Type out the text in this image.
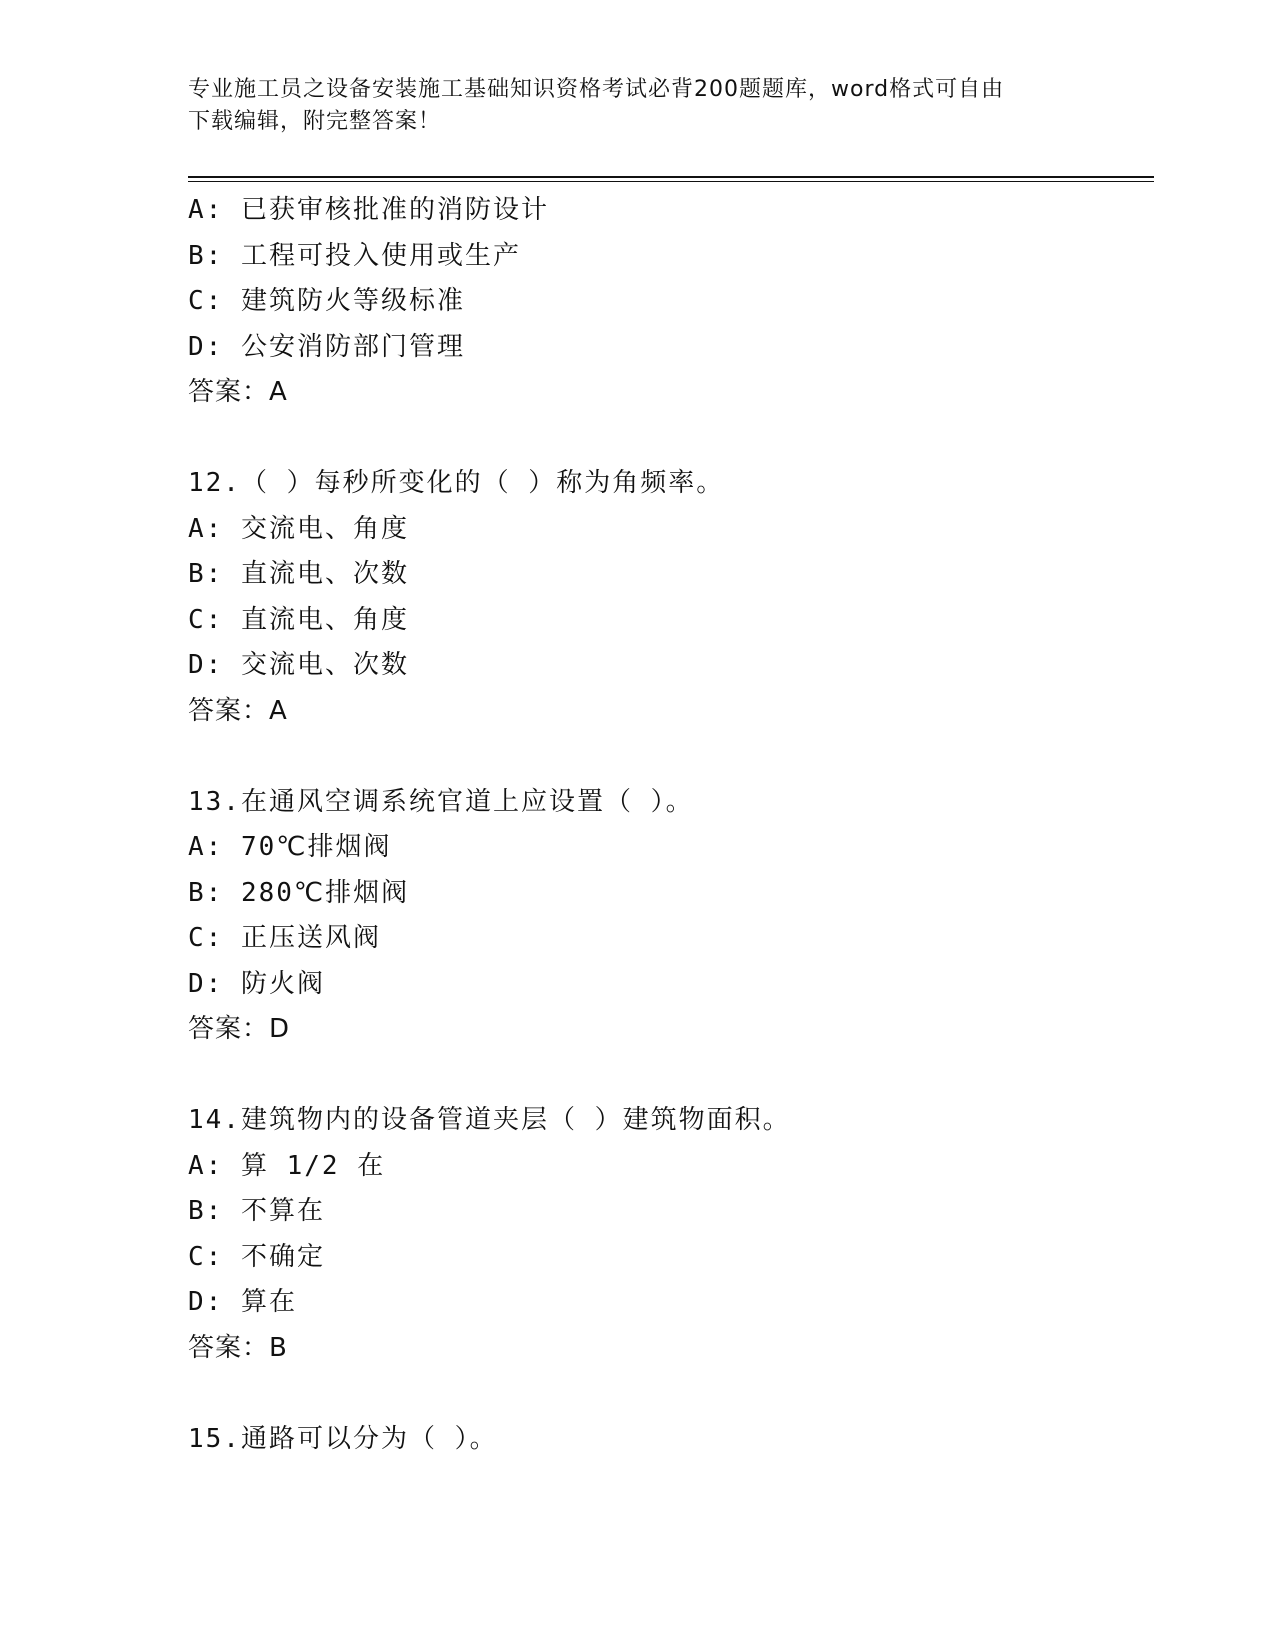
专业施工员之设备安装施工基础知识资格考试必背200题题库，word格式可自由
下载编辑，附完整答案！
A: 已获审核批准的消防设计
B: 工程可投入使用或生产
C: 建筑防火等级标准
D: 公安消防部门管理
答案：A
12.（ ）每秒所变化的（ ）称为角频率。
A: 交流电、角度
B: 直流电、次数
C: 直流电、角度
D: 交流电、次数
答案：A
13.在通风空调系统官道上应设置（ ）。
A: 70℃排烟阀
B: 280℃排烟阀
C: 正压送风阀
D: 防火阀
答案：D
14.建筑物内的设备管道夹层（ ）建筑物面积。
A: 算 1/2 在
B: 不算在
C: 不确定
D: 算在
答案：B
15.通路可以分为（ ）。
